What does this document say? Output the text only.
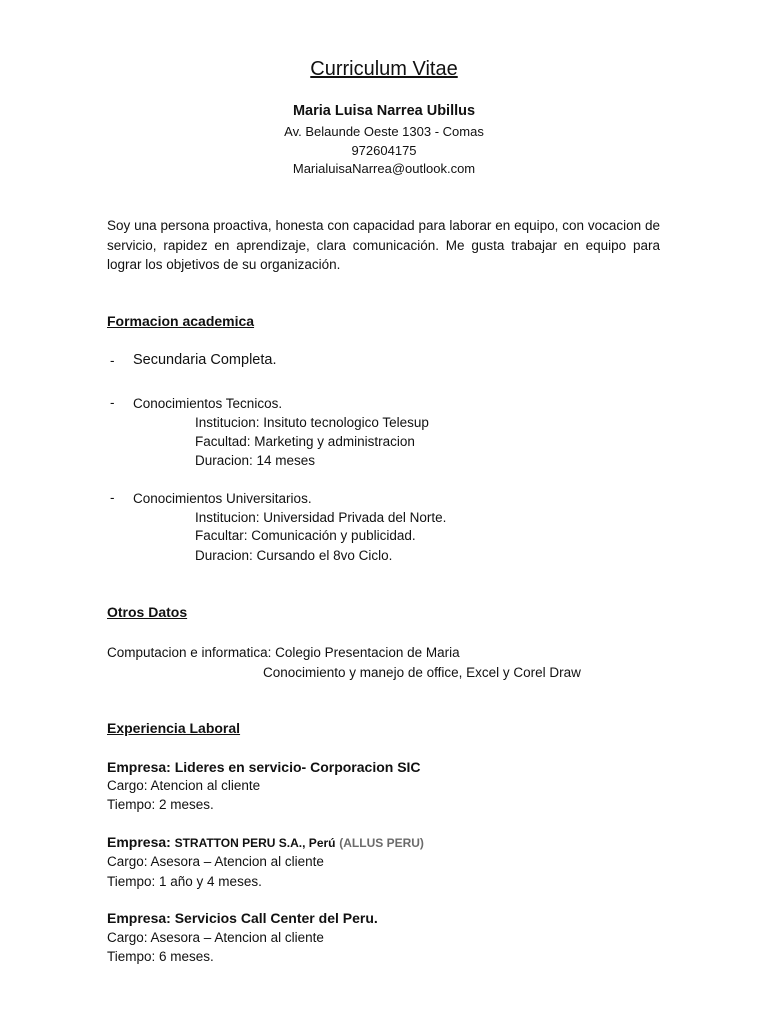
Curriculum Vitae
Maria Luisa Narrea Ubillus
Av. Belaunde Oeste 1303 - Comas
972604175
MarialuisaNarrea@outlook.com
Soy una persona proactiva, honesta con capacidad para laborar en equipo, con vocacion de servicio, rapidez en aprendizaje, clara comunicación. Me gusta trabajar en equipo para lograr los objetivos de su organización.
Formacion academica
- Secundaria Completa.
- Conocimientos Tecnicos.
Institucion: Insituto tecnologico Telesup
Facultad: Marketing y administracion
Duracion: 14 meses
- Conocimientos Universitarios.
Institucion: Universidad Privada del Norte.
Facultar: Comunicación y publicidad.
Duracion: Cursando el 8vo Ciclo.
Otros Datos
Computacion e informatica: Colegio Presentacion de Maria
Conocimiento y manejo de office, Excel y Corel Draw
Experiencia Laboral
Empresa: Lideres en servicio- Corporacion SIC
Cargo: Atencion al cliente
Tiempo: 2 meses.
Empresa: STRATTON PERU S.A., Perú (ALLUS PERU)
Cargo: Asesora – Atencion al cliente
Tiempo: 1 año y 4 meses.
Empresa: Servicios Call Center del Peru.
Cargo: Asesora – Atencion al cliente
Tiempo: 6 meses.
